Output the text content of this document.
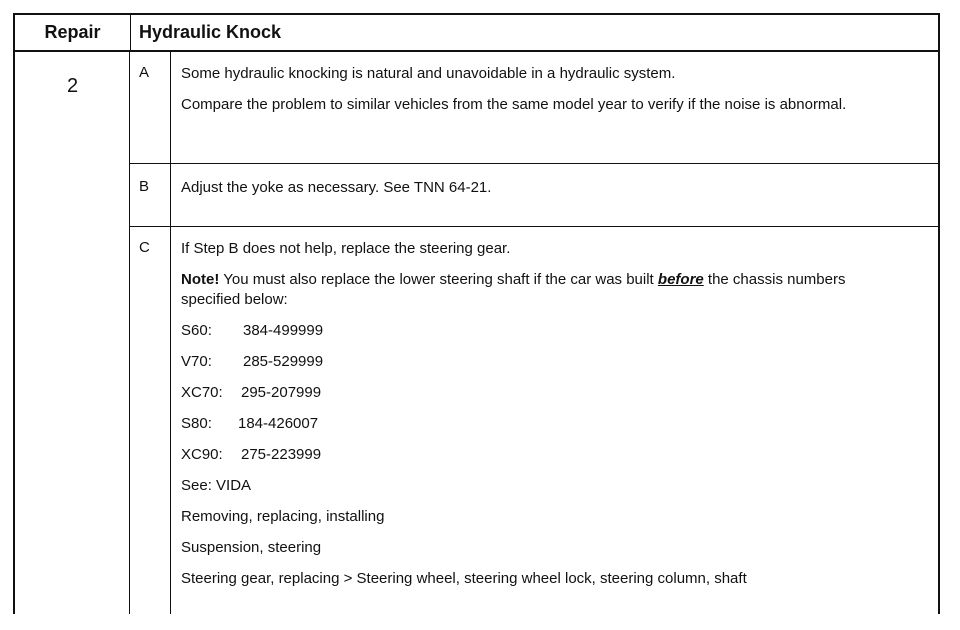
Repair	Hydraulic Knock
2
A Some hydraulic knocking is natural and unavoidable in a hydraulic system.

Compare the problem to similar vehicles from the same model year to verify if the noise is abnormal.

B Adjust the yoke as necessary. See TNN 64-21.

C If Step B does not help, replace the steering gear.

Note! You must also replace the lower steering shaft if the car was built before the chassis numbers specified below:

S60: 384-499999

V70: 285-529999

XC70: 295-207999

S80: 184-426007

XC90: 275-223999

See: VIDA

Removing, replacing, installing

Suspension, steering

Steering gear, replacing > Steering wheel, steering wheel lock, steering column, shaft
